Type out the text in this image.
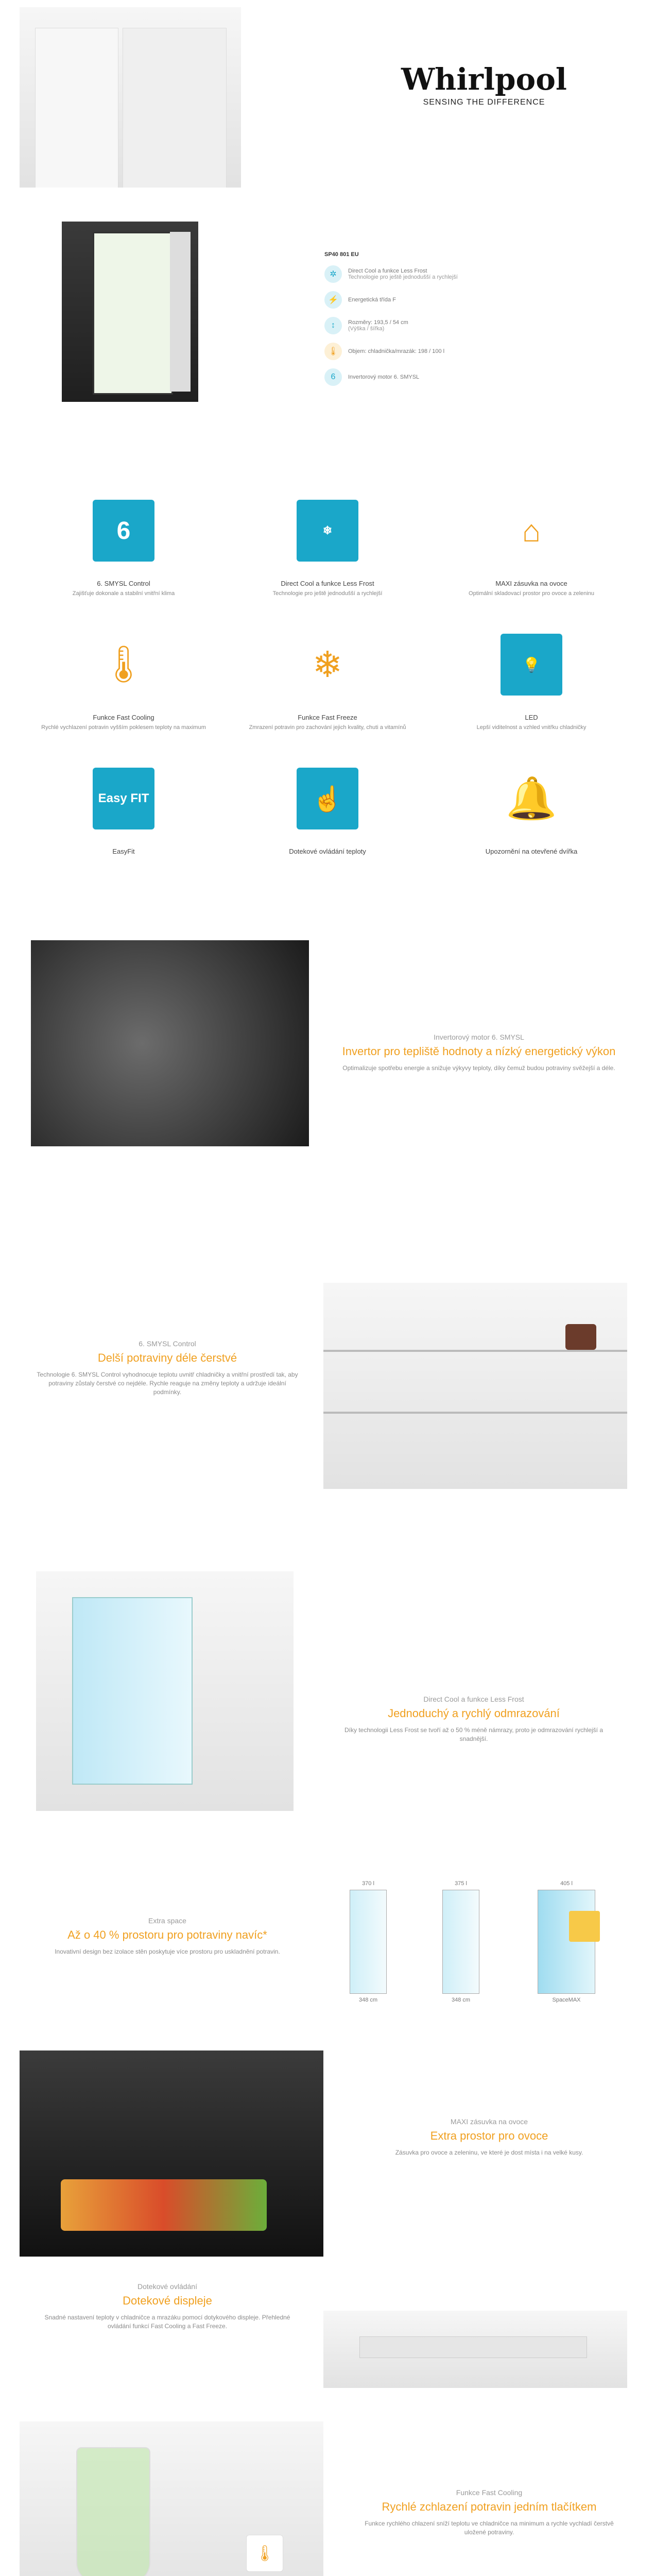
Whirlpool
SENSING THE DIFFERENCE
SP40 801 EU
✲	Direct Cool a funkce Less Frost
Technologie pro ještě jednodušší a rychlejší
⚡	Energetická třída F
↕	Rozměry: 193,5 / 54 cm
(Výška / šířka)
🌡	Objem: chladnička/mrazák: 198 / 100 l
6	Invertorový motor 6. SMYSL
6
6. SMYSL Control
Zajišťuje dokonale a stabilní vnitřní klima
❄
Direct Cool a funkce Less Frost
Technologie pro ještě jednodušší a rychlejší
⌂
MAXI zásuvka na ovoce
Optimální skladovací prostor pro ovoce a zeleninu
🌡
Funkce Fast Cooling
Rychlé vychlazení potravin vyšším poklesem teploty na maximum
❄
Funkce Fast Freeze
Zmrazení potravin pro zachování jejich kvality, chuti a vitamínů
💡
LED
Lepší viditelnost a vzhled vnitřku chladničky
Easy FIT
EasyFit
☝
Dotekové ovládání teploty
🔔
Upozornění na otevřené dvířka
Invertorový motor 6. SMYSL
Invertor pro tepliště hodnoty a nízký energetický výkon
Optimalizuje spotřebu energie a snižuje výkyvy teploty, díky čemuž budou potraviny svěžejší a déle.
6. SMYSL Control
Delší potraviny déle čerstvé
Technologie 6. SMYSL Control vyhodnocuje teplotu uvnitř chladničky a vnitřní prostředí tak, aby potraviny zůstaly čerstvé co nejdéle. Rychle reaguje na změny teploty a udržuje ideální podmínky.
Direct Cool a funkce Less Frost
Jednoduchý a rychlý odmrazování
Díky technologii Less Frost se tvoří až o 50 % méně námrazy, proto je odmrazování rychlejší a snadnější.
Extra space
Až o 40 % prostoru pro potraviny navíc*
Inovativní design bez izolace stěn poskytuje více prostoru pro uskladnění potravin.
370 l
348 cm
375 l
348 cm
405 l
SpaceMAX
MAXI zásuvka na ovoce
Extra prostor pro ovoce
Zásuvka pro ovoce a zeleninu, ve které je dost místa i na velké kusy.
Dotekové ovládání
Dotekové displeje
Snadné nastavení teploty v chladničce a mrazáku pomocí dotykového displeje. Přehledné ovládání funkcí Fast Cooling a Fast Freeze.
🌡
Funkce Fast Cooling
Rychlé zchlazení potravin jedním tlačítkem
Funkce rychlého chlazení sníží teplotu ve chladničce na minimum a rychle vychladí čerstvě uložené potraviny.
